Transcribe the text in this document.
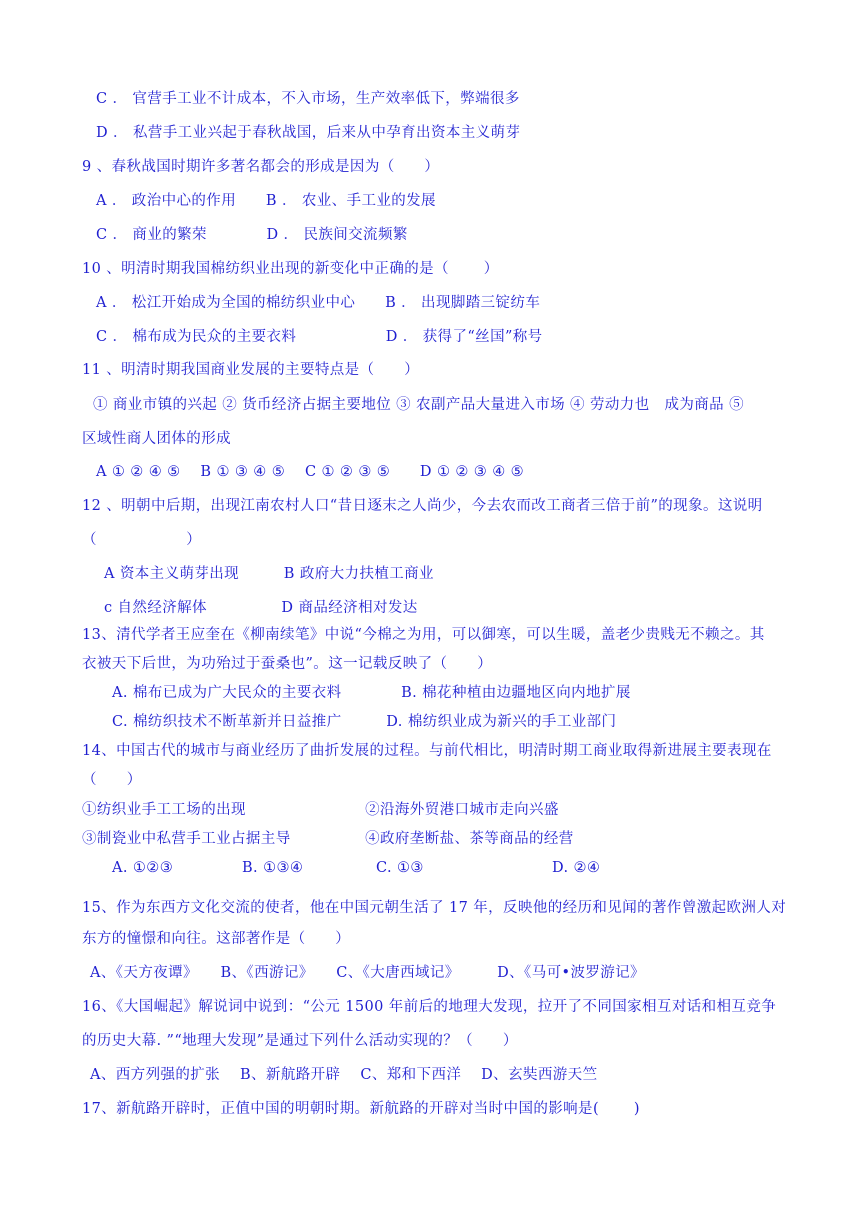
C ． 官营手工业不计成本，不入市场，生产效率低下，弊端很多
D ． 私营手工业兴起于春秋战国，后来从中孕育出资本主义萌芽
9 、春秋战国时期许多著名都会的形成是因为（　　）
A ． 政治中心的作用　　B ． 农业、手工业的发展
C ． 商业的繁荣　　　　D ． 民族间交流频繁
10 、明清时期我国棉纺织业出现的新变化中正确的是（　　 ）
A ． 松江开始成为全国的棉纺织业中心　　B ． 出现脚踏三锭纺车
C ． 棉布成为民众的主要衣料　　　　　　D ． 获得了“丝国”称号
11 、明清时期我国商业发展的主要特点是（　　）
① 商业市镇的兴起 ② 货币经济占据主要地位 ③ 农副产品大量进入市场 ④ 劳动力也　成为商品 ⑤
区域性商人团体的形成
A ① ② ④ ⑤　 B ① ③ ④ ⑤　 C ① ② ③ ⑤　　D ① ② ③ ④ ⑤
12 、明朝中后期，出现江南农村人口“昔日逐末之人尚少，今去农而改工商者三倍于前”的现象。这说明
（　　　　　　）
A 资本主义萌芽出现　　　B 政府大力扶植工商业
c 自然经济解体　　　　　D 商品经济相对发达
13、清代学者王应奎在《柳南续笔》中说“今棉之为用，可以御寒，可以生暖，盖老少贵贱无不赖之。其
衣被天下后世，为功殆过于蚕桑也”。这一记载反映了（　　）
A. 棉布已成为广大民众的主要衣料　　　　B. 棉花种植由边疆地区向内地扩展
C. 棉纺织技术不断革新并日益推广　　　D. 棉纺织业成为新兴的手工业部门
14、中国古代的城市与商业经历了曲折发展的过程。与前代相比，明清时期工商业取得新进展主要表现在
（　　）
①纺织业手工工场的出现　　　　　　　　②沿海外贸港口城市走向兴盛
③制瓷业中私营手工业占据主导　　　　　④政府垄断盐、茶等商品的经营
A. ①②③	B. ①③④	C. ①③	D. ②④
15、作为东西方文化交流的使者，他在中国元朝生活了 17 年，反映他的经历和见闻的著作曾激起欧洲人对
东方的憧憬和向往。这部著作是（　　）
A、《天方夜谭》　　B、《西游记》　　C、《大唐西域记》　　　D、《马可•波罗游记》
16、《大国崛起》解说词中说到：“公元 1500 年前后的地理大发现，拉开了不同国家相互对话和相互竞争
的历史大幕. ”“地理大发现”是通过下列什么活动实现的？（　　）
A、西方列强的扩张　 B、新航路开辟　 C、郑和下西洋　 D、玄奘西游天竺
17、新航路开辟时，正值中国的明朝时期。新航路的开辟对当时中国的影响是(　　 )
